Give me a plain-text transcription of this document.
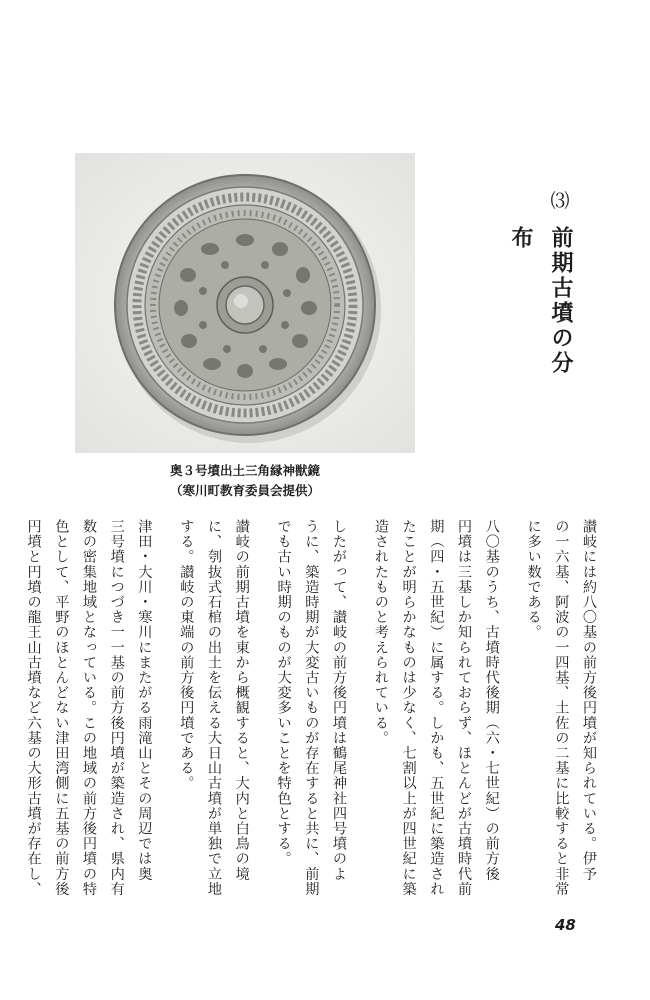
奥３号墳出土三角縁神獣鏡
（寒川町教育委員会提供）
⑶
前期古墳の分布
讃岐には約八〇基の前方後円墳が知られている。伊予
の一六基、阿波の一四基、土佐の二基に比較すると非常
に多い数である。
八〇基のうち、古墳時代後期（六・七世紀）の前方後
円墳は三基しか知られておらず、ほとんどが古墳時代前
期（四・五世紀）に属する。しかも、五世紀に築造され
たことが明らかなものは少なく、七割以上が四世紀に築
造されたものと考えられている。
したがって、讃岐の前方後円墳は鶴尾神社四号墳のよ
うに、築造時期が大変古いものが存在すると共に、前期
でも古い時期のものが大変多いことを特色とする。
讃岐の前期古墳を東から概観すると、大内と白鳥の境
に、刳抜式石棺の出土を伝える大日山古墳が単独で立地
する。讃岐の東端の前方後円墳である。
津田・大川・寒川にまたがる雨滝山とその周辺では奥
三号墳につづき一一基の前方後円墳が築造され、県内有
数の密集地域となっている。この地域の前方後円墳の特
色として、平野のほとんどない津田湾側に五基の前方後
円墳と円墳の龍王山古墳など六基の大形古墳が存在し、
48
